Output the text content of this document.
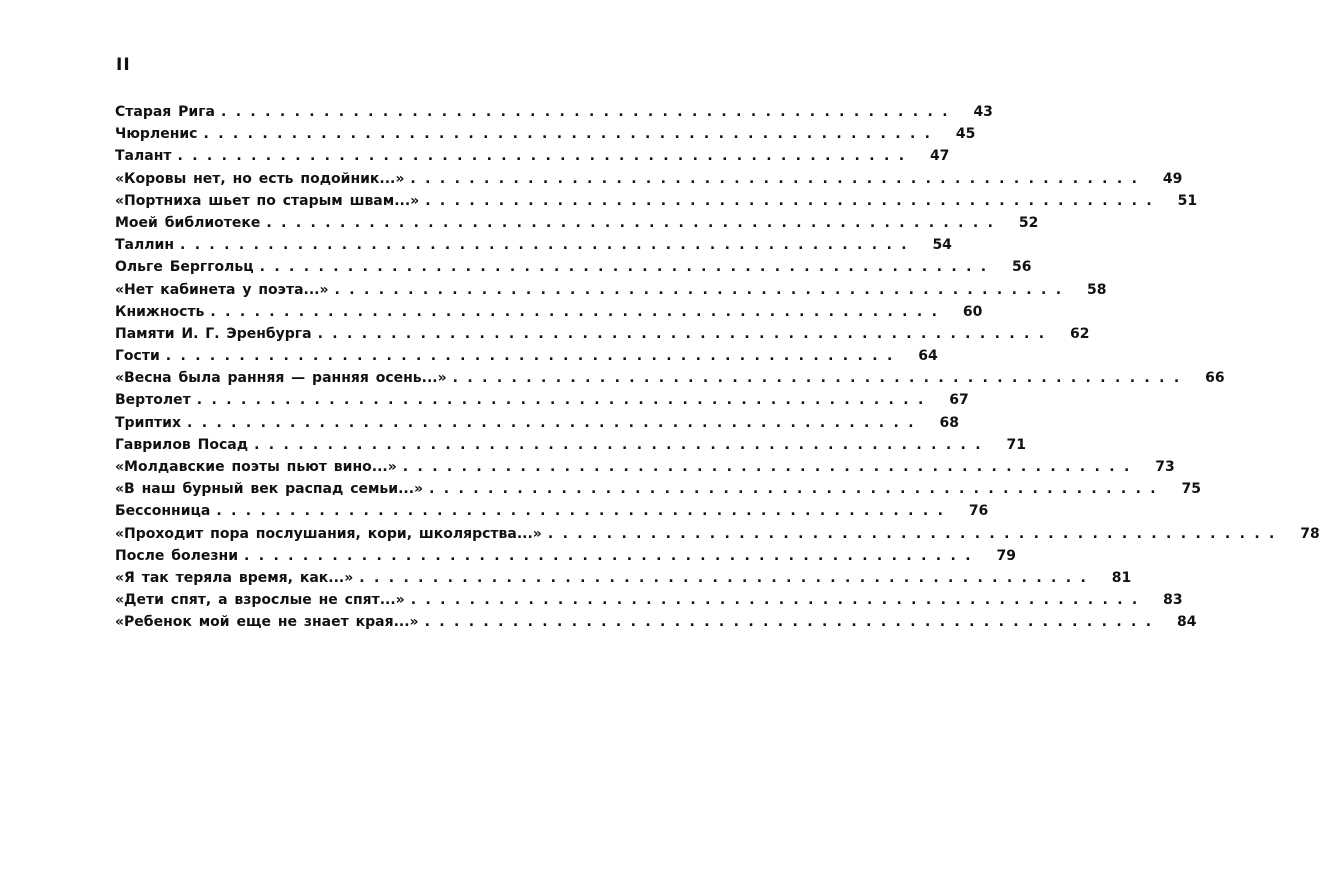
II
Старая Рига ..................................................	43
Чюрленис ..................................................	45
Талант ..................................................	47
«Коровы нет, но есть подойник...» ..................................................	49
«Портниха шьет по старым швам...» ..................................................	51
Моей библиотеке ..................................................	52
Таллин ..................................................	54
Ольге Берггольц ..................................................	56
«Нет кабинета у поэта...» ..................................................	58
Книжность ..................................................	60
Памяти И. Г. Эренбурга ..................................................	62
Гости ..................................................	64
«Весна была ранняя — ранняя осень...» ..................................................	66
Вертолет ..................................................	67
Триптих ..................................................	68
Гаврилов Посад ..................................................	71
«Молдавские поэты пьют вино...» ..................................................	73
«В наш бурный век распад семьи...» ..................................................	75
Бессонница ..................................................	76
«Проходит пора послушания, кори, школярства...» ..................................................	78
После болезни ..................................................	79
«Я так теряла время, как...» ..................................................	81
«Дети спят, а взрослые не спят...» ..................................................	83
«Ребенок мой еще не знает края...» ..................................................	84
